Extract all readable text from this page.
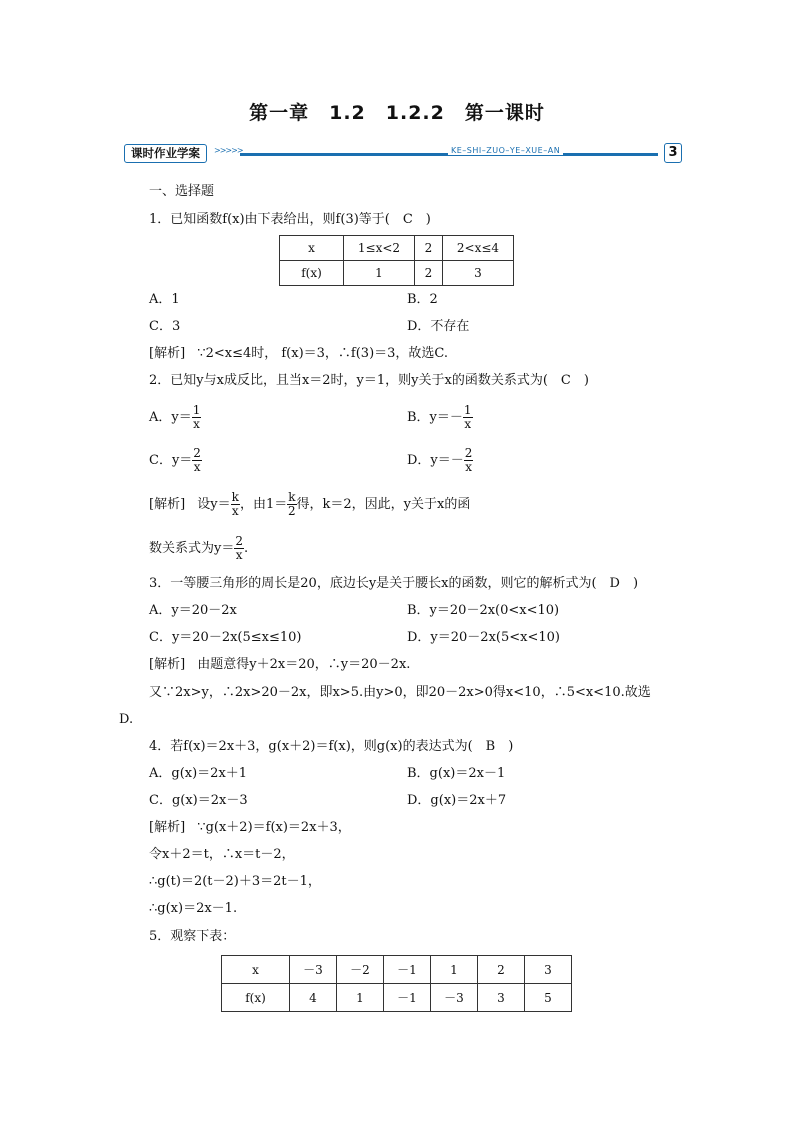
第一章　1.2　1.2.2　第一课时
课时作业学案	>>>>>	KE–SHI–ZUO–YE–XUE–AN	3
一、选择题
1．已知函数f(x)由下表给出，则f(3)等于(　C　)
x	1≤x<2	2	2<x≤4
f(x)	1	2	3
A．1	B．2
C．3	D．不存在
[解析] ∵2<x≤4时， f(x)＝3，∴f(3)＝3，故选C.
2．已知y与x成反比，且当x＝2时，y＝1，则y关于x的函数关系式为(　C　)
A．$y= \frac{1}{x}$	B．$y=- \frac{1}{x}$
C．$y= \frac{2}{x}$	D．$y=- \frac{2}{x}$
[解析] 设$y= \frac{k}{x}$ ，由$1= \frac{k}{2}$ 得，k＝2，因此，y关于x的函
数关系式为$y= \frac{2}{x}$ .
3．一等腰三角形的周长是20，底边长y是关于腰长x的函数，则它的解析式为(　D　)
A．y＝20－2x	B．y＝20－2x(0<x<10)
C．y＝20－2x(5≤x≤10)	D．y＝20－2x(5<x<10)
[解析] 由题意得y＋2x＝20，∴y＝20－2x.
又∵2x>y，∴2x>20－2x，即x>5.由y>0，即20－2x>0得x<10，∴5<x<10.故选
D.
4．若f(x)＝2x＋3，g(x＋2)＝f(x)，则g(x)的表达式为(　B　)
A．g(x)＝2x＋1	B．g(x)＝2x－1
C．g(x)＝2x－3	D．g(x)＝2x＋7
[解析] ∵g(x＋2)＝f(x)＝2x＋3，
令x＋2＝t，∴x＝t－2，
∴g(t)＝2(t－2)＋3＝2t－1，
∴g(x)＝2x－1.
5．观察下表：
x	－3	－2	－1	1	2	3
f(x)	4	1	－1	－3	3	5
